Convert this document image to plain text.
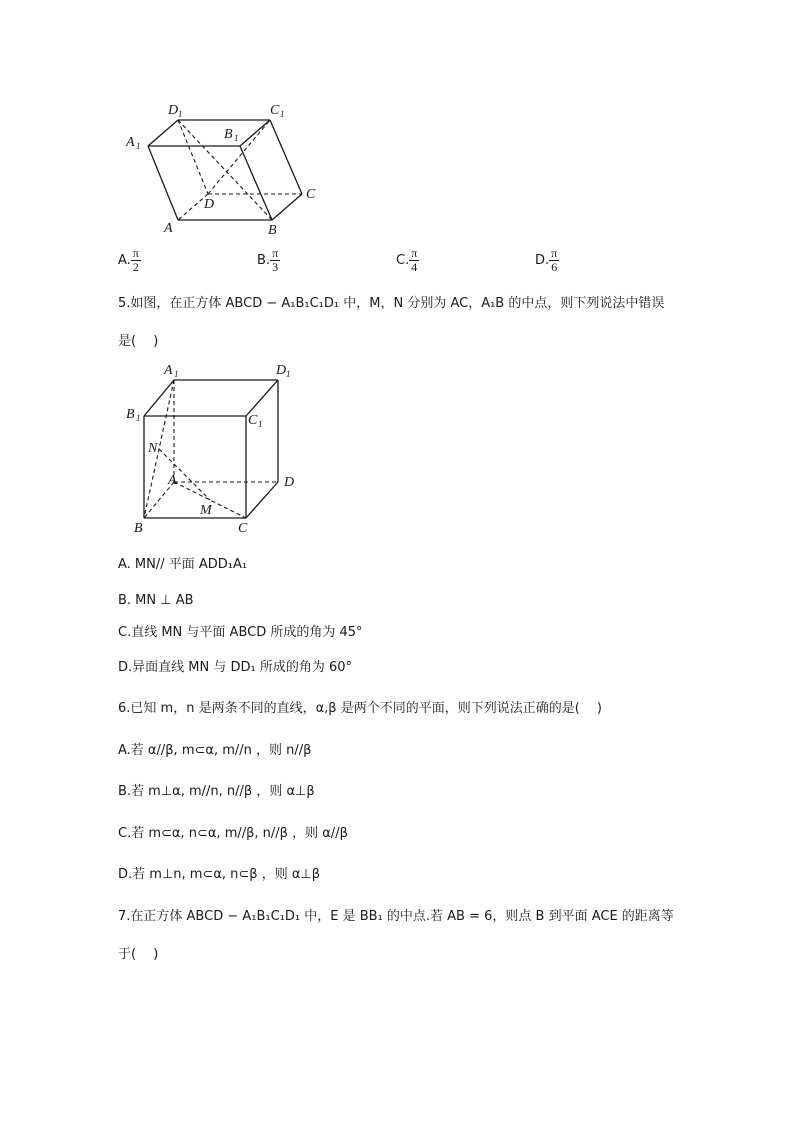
D 1	C 1
A 1
B 1
C
D
A	B
A. $\frac{\pi}{2}$	B. $\frac{\pi}{3}$	C. $\frac{\pi}{4}$	D. $\frac{\pi}{6}$
5.如图，在正方体 ABCD − A₁B₁C₁D₁ 中，M，N 分别为 AC，A₁B 的中点，则下列说法中错误
是(　 )
A 1	D 1
B 1	C 1
N
A	D
M
B	C
A. MN// 平面 ADD₁A₁
B. MN ⊥ AB
C.直线 MN 与平面 ABCD 所成的角为 45°
D.异面直线 MN 与 DD₁ 所成的角为 60°
6.已知 m，n 是两条不同的直线，α,β 是两个不同的平面，则下列说法正确的是(　 )
A.若 α//β, m⊂α, m//n ，则 n//β
B.若 m⊥α, m//n, n//β ，则 α⊥β
C.若 m⊂α, n⊂α, m//β, n//β ，则 α//β
D.若 m⊥n, m⊂α, n⊂β ，则 α⊥β
7.在正方体 ABCD − A₁B₁C₁D₁ 中，E 是 BB₁ 的中点.若 AB = 6，则点 B 到平面 ACE 的距离等
于(　 )
